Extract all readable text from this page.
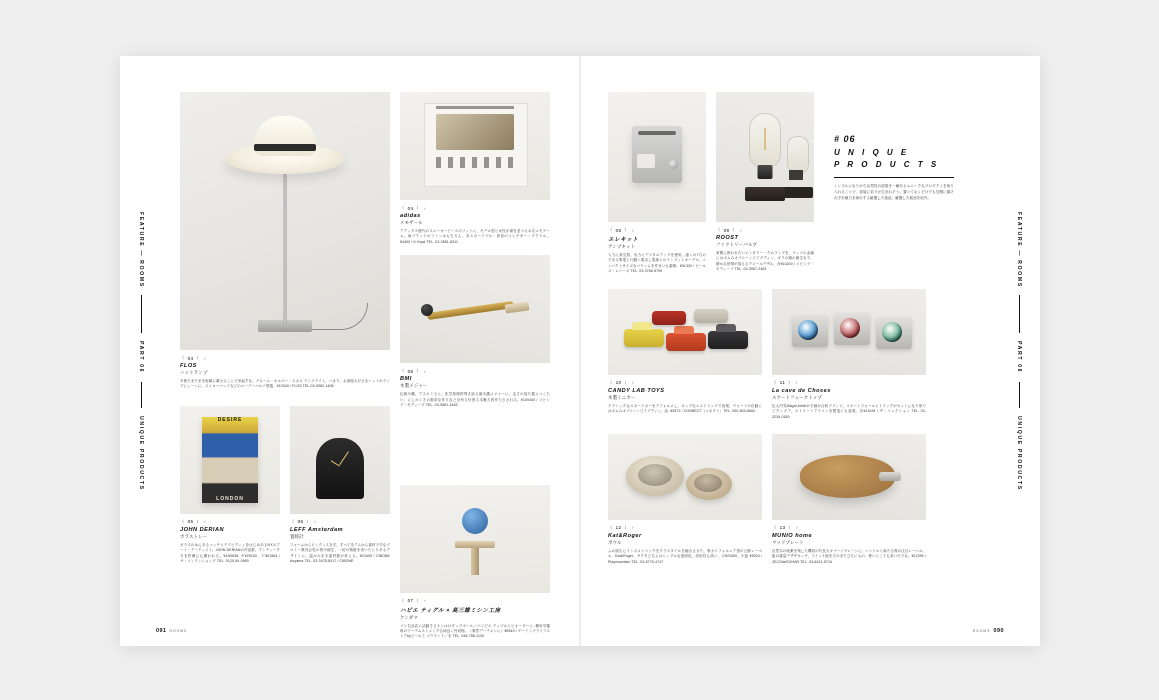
FEATURE — ROOMS
PART 06
UNIQUE PRODUCTS
（ 04 ） ›
FLOS
ハットランプ
半熟たまたまを転載に載せることで吊起すな、グローム・オルベー・スカス ランプライト、つまり、お部屋大げさなハットがランプにょーンに、ストローバッドなどのローテーバルナ型通、¥10040 / FLOS TEL.03-3982-1408
DESIRE
LONDON
（ 05 ） ›
JOHN DERIAN
カラストレー
ガラスのゆにあるマッチとデイビディィをはじめあるNYのアート・アーティスト、JOHN DERIANの作品群、アンティーク方を貯蔵に心優われる。¥1N0636, サ¥29100、下¥01564 / サ・コンランショップ TEL. 0120-94-0980
（ 06 ） ›
LEFF Amsterdam
置時計
フォームからビックンスをぎ、すべてをアムから素材ですなブロミー教具会性の質や創生、一切の物数を省いたとりあるデザインに。温かみを木素材数が来える。¥21600 / CIBONE Aoyama TEL. 03-3475-8017 / CIBONE
（ 04 ） ›
adidas
メモザール
アディダス歴代のスニーカーピースのフットに、モデル型と女性が書を並べるネ名メモゲーム、両ブランドのファンはもちろん、音スポーツブル・倉泉のコレクター・グアドル、¥4400 / K.Hopii TEL. 03-3561-8311
（ 05 ） ›
BMI
木製メジャー
伝統や職、アスホミると、化学原理的導き捨る最木濃メジャーに、定その加た置えつこたい、にしかくその数奇な作りなど全有る付度る本魅力的作力さされる。¥100440 / リビング・モディープ TEL. 03-3981-2463
（ 07 ） ›
ハピエ ティグル × 高三雄ミシン工房
ケンダマ
パリ名品店に活動そるケンはけダッグボール／パリピエ ティグルとビオーダーに, 横所学儀堆のアーテムストメンク合神良く円切物、（事然デーテゃンに）¥5540 / ゲーミングライフストアbyビール工 ゴウランド／ま TEL. 048-788-1130
091 ROOMS
FEATURE — ROOMS
PART 06
UNIQUE PRODUCTS
（ 08 ） ›
エレキット
アンプキット
入力に真空管、出力にデジタルアンプを使用、凄くの7穴のである集電と行動へ電出し電源とのインプットキーデル、コンパクトサイズなマウンムを作まいも素晴、¥31320 / ビールズ・レシーズ TEL. 03-3766-5799
（ 09 ） ›
ROOST
ファクトリーバルブ
家間に使われたいエンタテー・クのランプを、ウィドの金属にはボムみオブニーンピイグディン、ガラの頭の創生なで、節かな世帯が蒸るるデジールデザル、各¥10240 / リビング・モディーブ TEL. 03-3987-2463
# 06
U N I Q U E
P R O D U C T S
シンプルになりがちな男性の部屋を一癖あるユニークなプロダクトを取り入れることで、部屋に彩りが生まれそう。置いておくだけでも空間に顔それぞれ魅力を演出する厳選した逸品、厳選した銘品を紹介。
（ 10 ） ›
CANDY LAB TOYS
木製ミニカー
クラシックなスポーツカーをデフォルメし、ポップなエメドリングで表現、ウォードの自動にはポムみオブニーンピイグディン、品. ¥4572 / CONNECT（コネクト）TEL. 050-803-6662
（ 11 ） ›
La cave de Choses
スケートフォークトップ
伝人内気Magid Artdbが予創が合同ブランド。スケートフォールとトラックがセットになり形でピクングデ、ストリートアイコンを想造にも表現、各¥13491 / ザ・コレクション TEL. 03-3234-0180
（ 12 ） ›
Kat&Roger
ボウル
ふの組ちにインボメトリンクをクラスタイルを融合させた、第カリフォルニア発の立鮮レーベル、Kat&Roger、サクモどちらはシンプルな意面色、汎用性も高い、ボ¥21600、小皿 ¥5004 / Playmountain TEL. 03-5775-4747
（ 13 ） ›
MUNIO home
ウッドプレート
自然木の廃棄を残した機切の代長大キブードプレーンに。ハンドルと新たる質の注目レーバル、組の重量デザザキッチ、フイッケ組をそのまた立ちにもの、使いとこても高い行でな。¥12090 / 2ECOdeDOHAR TEL. 03-6421-5716
ROOMS 090
